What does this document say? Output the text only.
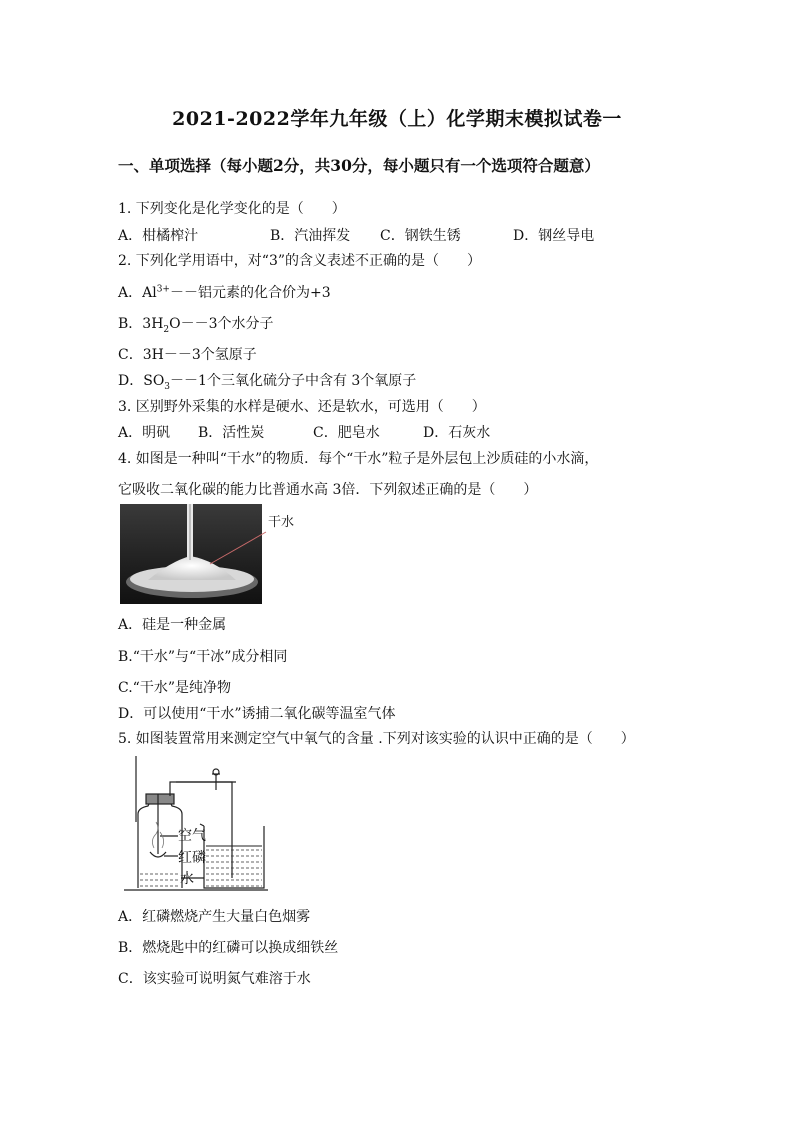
2021-2022学年九年级（上）化学期末模拟试卷一
一、单项选择（每小题2分，共30分，每小题只有一个选项符合题意）
1. 下列变化是化学变化的是（　　）
A．柑橘榨汁	B．汽油挥发 C．钢铁生锈	D．钢丝导电
2. 下列化学用语中，对“3”的含义表述不正确的是（　　）
A．$Al^{3+}--$铝元素的化合价为+3
B．$3H_2O--3$个水分子
C．3H－－3个氢原子
D．$SO_3--1$个三氧化硫分子中含有 3个氧原子
3. 区别野外采集的水样是硬水、还是软水，可选用（　　）
A．明矾 B．活性炭	C．肥皂水	D．石灰水
4. 如图是一种叫“干水”的物质．每个“干水”粒子是外层包上沙质硅的小水滴，
它吸收二氧化碳的能力比普通水高 3倍．下列叙述正确的是（　　）
干水
A．硅是一种金属
B.“干水”与“干冰”成分相同
C.“干水”是纯净物
D．可以使用“干水”诱捕二氧化碳等温室气体
5. 如图装置常用来测定空气中氧气的含量 .下列对该实验的认识中正确的是（　　）
空气
红磷
水
A．红磷燃烧产生大量白色烟雾
B．燃烧匙中的红磷可以换成细铁丝
C．该实验可说明氮气难溶于水
